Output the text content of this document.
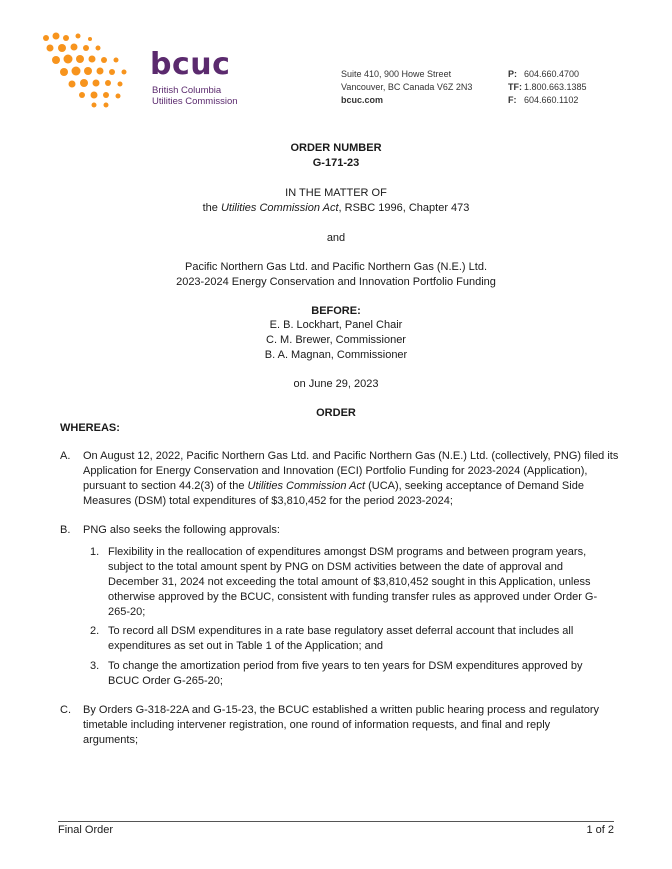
bcuc
British Columbia
Utilities Commission
Suite 410, 900 Howe Street
Vancouver, BC Canada V6Z 2N3
bcuc.com
P: 604.660.4700
TF: 1.800.663.1385
F: 604.660.1102
ORDER NUMBER
G-171-23
IN THE MATTER OF
the Utilities Commission Act, RSBC 1996, Chapter 473
and
Pacific Northern Gas Ltd. and Pacific Northern Gas (N.E.) Ltd.
2023-2024 Energy Conservation and Innovation Portfolio Funding
BEFORE:
E. B. Lockhart, Panel Chair
C. M. Brewer, Commissioner
B. A. Magnan, Commissioner
on June 29, 2023
ORDER
WHEREAS:
A. On August 12, 2022, Pacific Northern Gas Ltd. and Pacific Northern Gas (N.E.) Ltd. (collectively, PNG) filed its
Application for Energy Conservation and Innovation (ECI) Portfolio Funding for 2023-2024 (Application),
pursuant to section 44.2(3) of the Utilities Commission Act (UCA), seeking acceptance of Demand Side
Measures (DSM) total expenditures of $3,810,452 for the period 2023-2024;
B. PNG also seeks the following approvals:
1. Flexibility in the reallocation of expenditures amongst DSM programs and between program years,
subject to the total amount spent by PNG on DSM activities between the date of approval and
December 31, 2024 not exceeding the total amount of $3,810,452 sought in this Application, unless
otherwise approved by the BCUC, consistent with funding transfer rules as approved under Order G-
265-20;
2. To record all DSM expenditures in a rate base regulatory asset deferral account that includes all
expenditures as set out in Table 1 of the Application; and
3. To change the amortization period from five years to ten years for DSM expenditures approved by
BCUC Order G-265-20;
C. By Orders G-318-22A and G-15-23, the BCUC established a written public hearing process and regulatory
timetable including intervener registration, one round of information requests, and final and reply
arguments;
Final Order	1 of 2
